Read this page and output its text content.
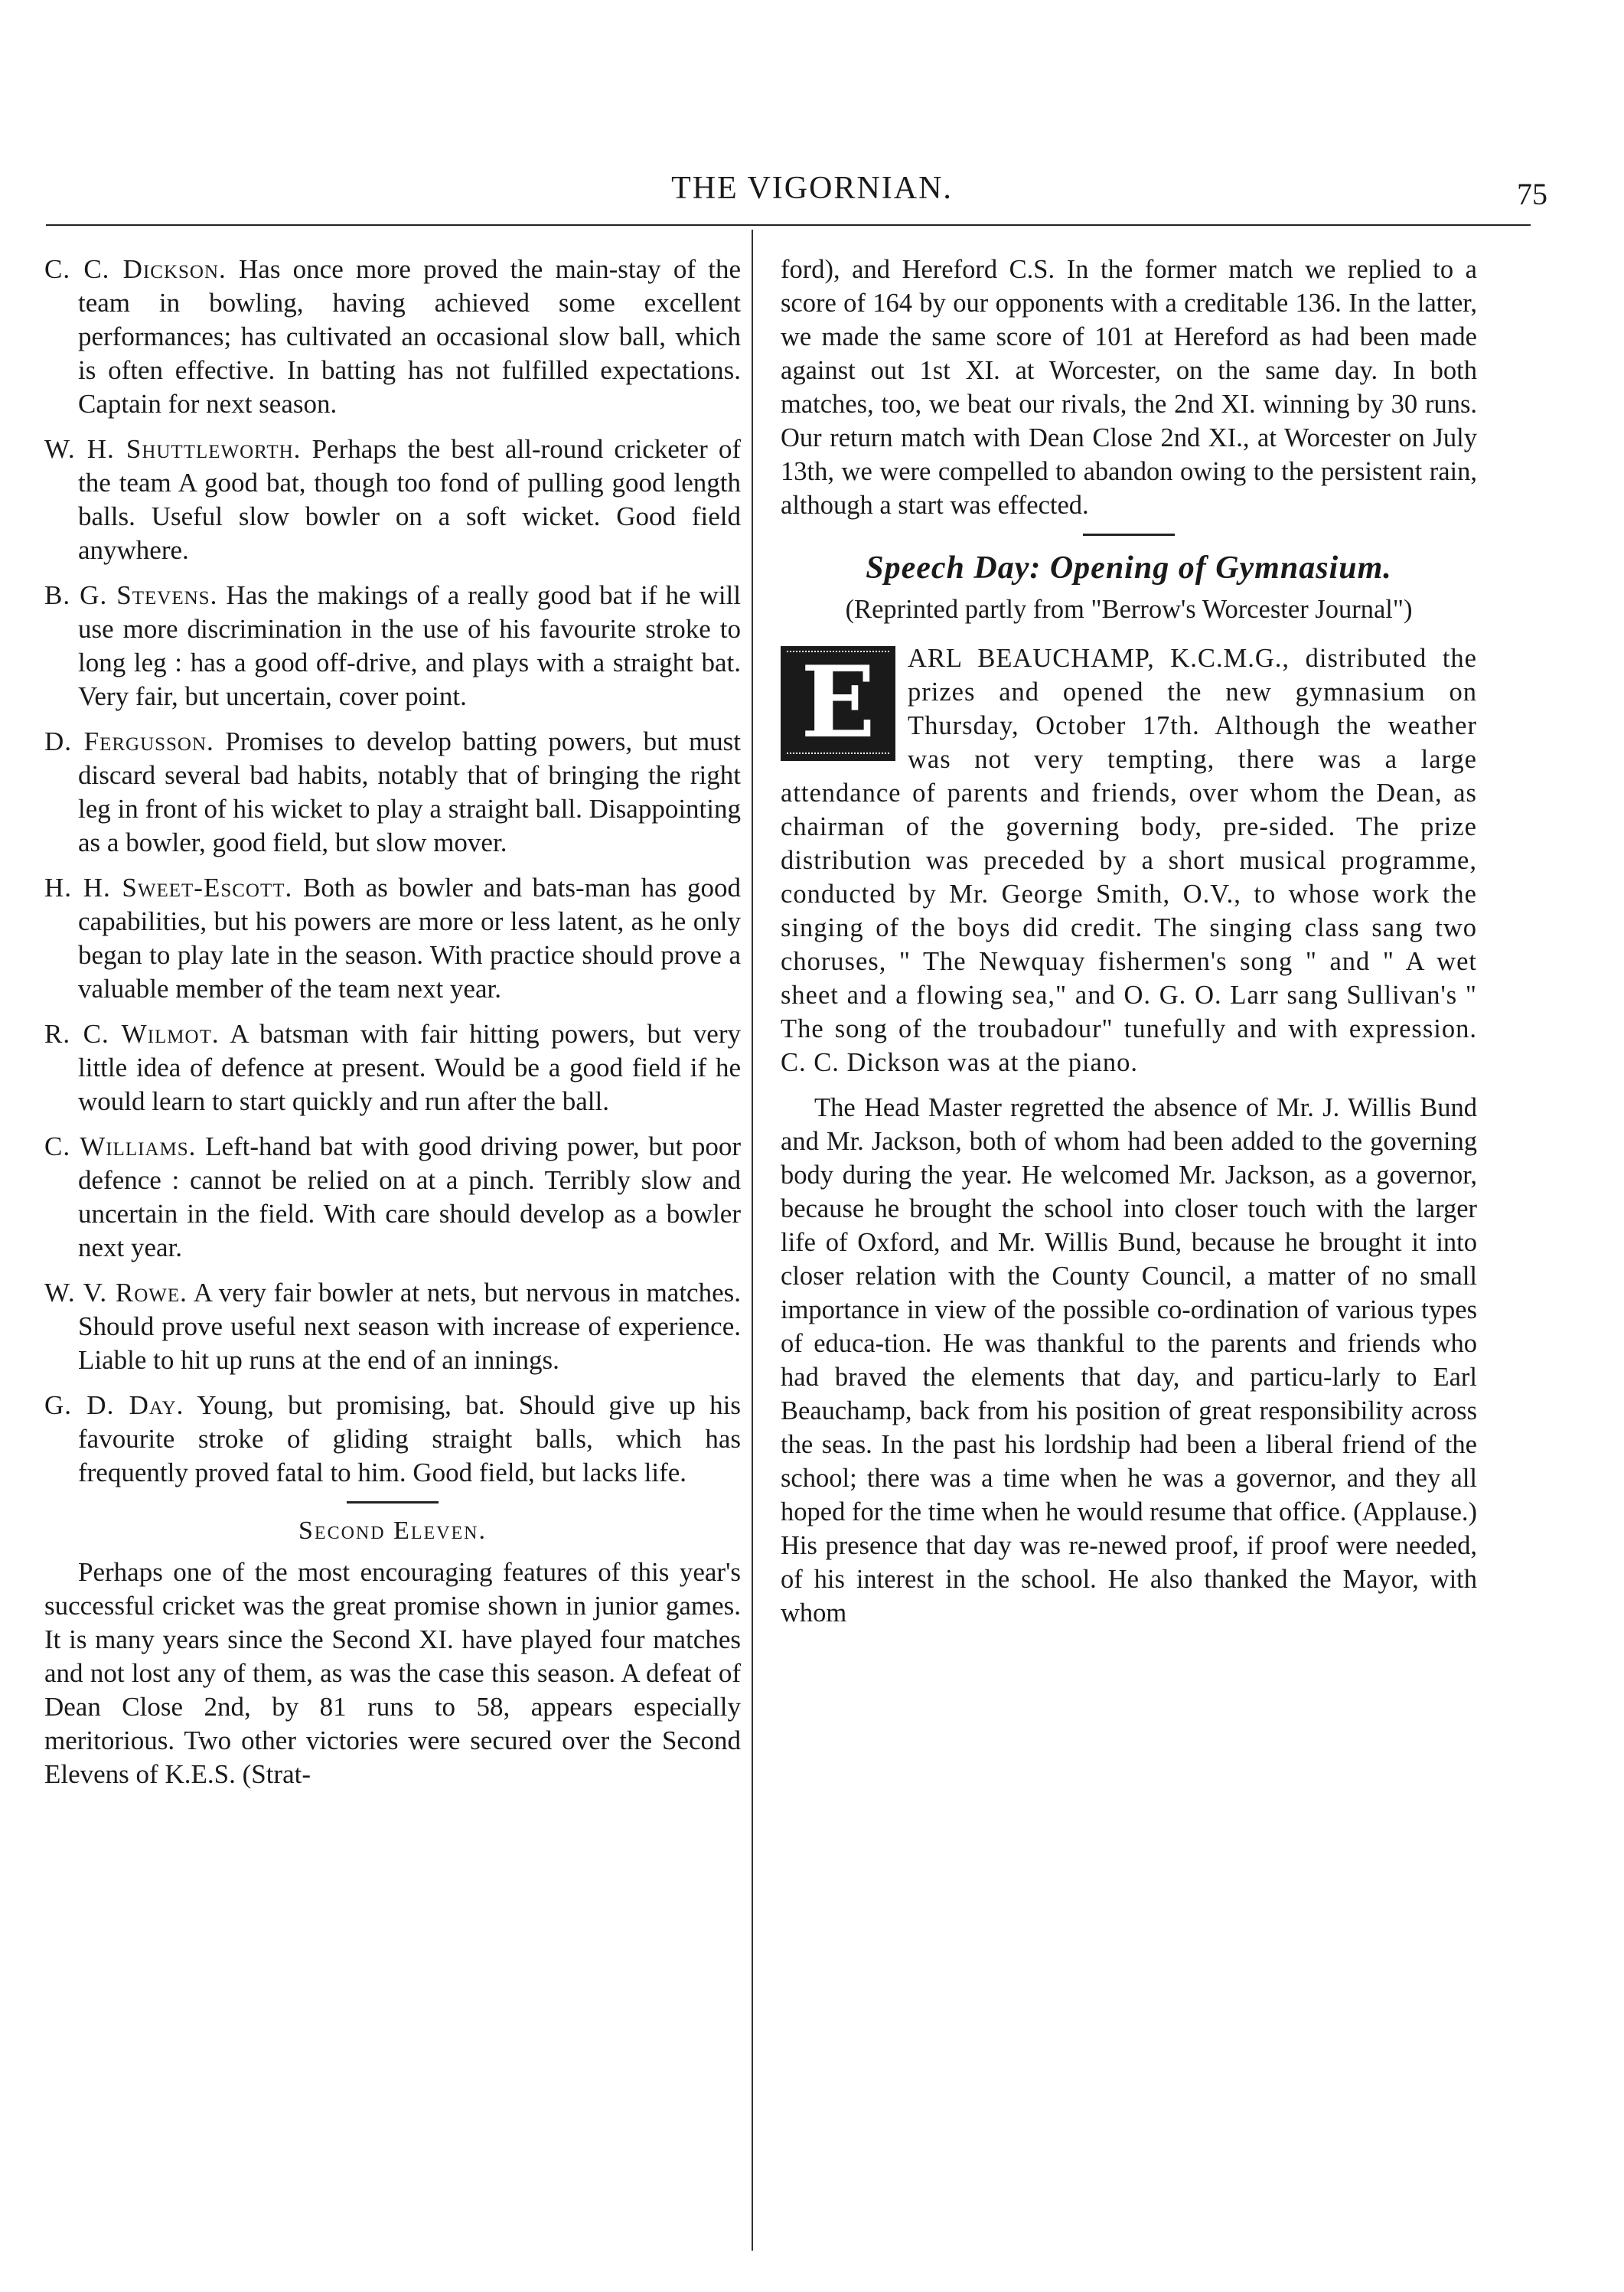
THE VIGORNIAN.	75

C. C. Dickson. Has once more proved the main-stay of the team in bowling, having achieved some excellent performances; has cultivated an occasional slow ball, which is often effective. In batting has not fulfilled expectations. Captain for next season.

W. H. Shuttleworth. Perhaps the best all-round cricketer of the team A good bat, though too fond of pulling good length balls. Useful slow bowler on a soft wicket. Good field anywhere.

B. G. Stevens. Has the makings of a really good bat if he will use more discrimination in the use of his favourite stroke to long leg : has a good off-drive, and plays with a straight bat. Very fair, but uncertain, cover point.

D. Fergusson. Promises to develop batting powers, but must discard several bad habits, notably that of bringing the right leg in front of his wicket to play a straight ball. Disappointing as a bowler, good field, but slow mover.

H. H. Sweet-Escott. Both as bowler and bats-man has good capabilities, but his powers are more or less latent, as he only began to play late in the season. With practice should prove a valuable member of the team next year.

R. C. Wilmot. A batsman with fair hitting powers, but very little idea of defence at present. Would be a good field if he would learn to start quickly and run after the ball.

C. Williams. Left-hand bat with good driving power, but poor defence : cannot be relied on at a pinch. Terribly slow and uncertain in the field. With care should develop as a bowler next year.

W. V. Rowe. A very fair bowler at nets, but nervous in matches. Should prove useful next season with increase of experience. Liable to hit up runs at the end of an innings.

G. D. Day. Young, but promising, bat. Should give up his favourite stroke of gliding straight balls, which has frequently proved fatal to him. Good field, but lacks life.

Second Eleven.

Perhaps one of the most encouraging features of this year's successful cricket was the great promise shown in junior games. It is many years since the Second XI. have played four matches and not lost any of them, as was the case this season. A defeat of Dean Close 2nd, by 81 runs to 58, appears especially meritorious. Two other victories were secured over the Second Elevens of K.E.S. (Strat-

ford), and Hereford C.S. In the former match we replied to a score of 164 by our opponents with a creditable 136. In the latter, we made the same score of 101 at Hereford as had been made against out 1st XI. at Worcester, on the same day. In both matches, too, we beat our rivals, the 2nd XI. winning by 30 runs. Our return match with Dean Close 2nd XI., at Worcester on July 13th, we were compelled to abandon owing to the persistent rain, although a start was effected.

Speech Day: Opening of Gymnasium.
(Reprinted partly from "Berrow's Worcester Journal")
E	ARL BEAUCHAMP, K.C.M.G., distributed the prizes and opened the new gymnasium on Thursday, October 17th. Although the weather was not very tempting, there was a large attendance of parents and friends, over whom the Dean, as chairman of the governing body, pre-sided. The prize distribution was preceded by a short musical programme, conducted by Mr. George Smith, O.V., to whose work the singing of the boys did credit. The singing class sang two choruses, " The Newquay fishermen's song " and " A wet sheet and a flowing sea," and O. G. O. Larr sang Sullivan's " The song of the troubadour" tunefully and with expression. C. C. Dickson was at the piano.

The Head Master regretted the absence of Mr. J. Willis Bund and Mr. Jackson, both of whom had been added to the governing body during the year. He welcomed Mr. Jackson, as a governor, because he brought the school into closer touch with the larger life of Oxford, and Mr. Willis Bund, because he brought it into closer relation with the County Council, a matter of no small importance in view of the possible co-ordination of various types of educa-tion. He was thankful to the parents and friends who had braved the elements that day, and particu-larly to Earl Beauchamp, back from his position of great responsibility across the seas. In the past his lordship had been a liberal friend of the school; there was a time when he was a governor, and they all hoped for the time when he would resume that office. (Applause.) His presence that day was re-newed proof, if proof were needed, of his interest in the school. He also thanked the Mayor, with whom
